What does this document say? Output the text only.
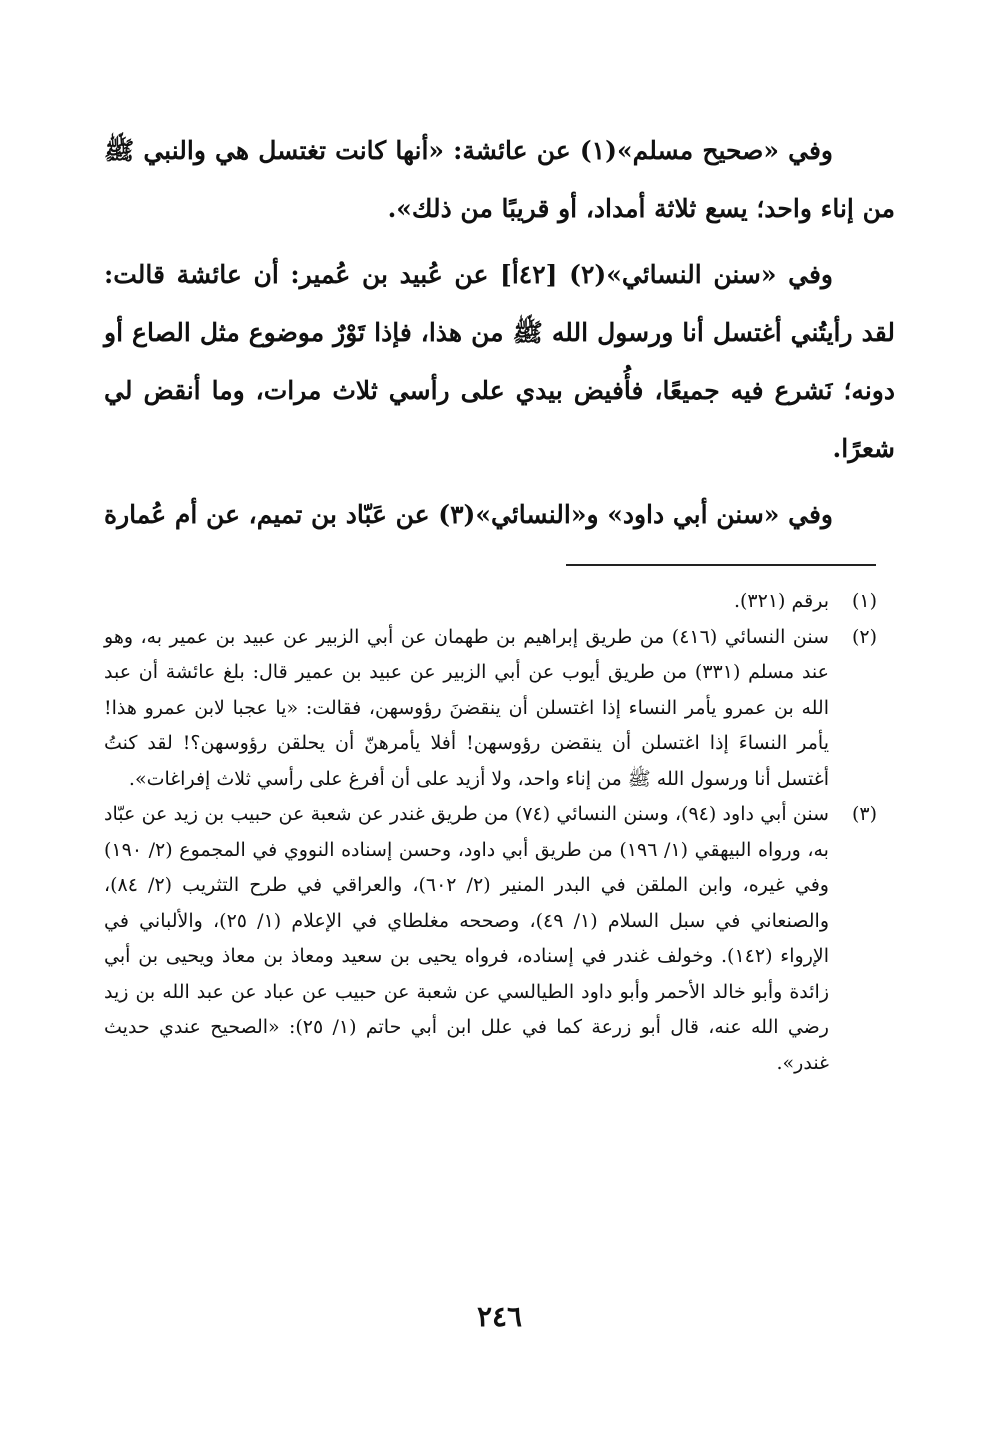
وفي «صحيح مسلم»(١) عن عائشة: «أنها كانت تغتسل هي والنبي ﷺ من إناء واحد؛ يسع ثلاثة أمداد، أو قريبًا من ذلك».

وفي «سنن النسائي»(٢) [٤٢أ] عن عُبيد بن عُمير: أن عائشة قالت: لقد رأيتُني أغتسل أنا ورسول الله ﷺ من هذا، فإذا تَوْرٌ موضوع مثل الصاع أو دونه؛ نَشرع فيه جميعًا، فأُفيض بيدي على رأسي ثلاث مرات، وما أنقض لي شعرًا.

وفي «سنن أبي داود» و«النسائي»(٣) عن عَبّاد بن تميم، عن أم عُمارة

(١)
برقم (٣٢١).
(٢)
سنن النسائي (٤١٦) من طريق إبراهيم بن طهمان عن أبي الزبير عن عبيد بن عمير به، وهو عند مسلم (٣٣١) من طريق أيوب عن أبي الزبير عن عبيد بن عمير قال: بلغ عائشة أن عبد الله بن عمرو يأمر النساء إذا اغتسلن أن ينقضنَ رؤوسهن، فقالت: «يا عجبا لابن عمرو هذا! يأمر النساءَ إذا اغتسلن أن ينقضن رؤوسهن! أفلا يأمرهنّ أن يحلقن رؤوسهن؟! لقد كنتُ أغتسل أنا ورسول الله ﷺ من إناء واحد، ولا أزيد على أن أفرغ على رأسي ثلاث إفراغات».
(٣)
سنن أبي داود (٩٤)، وسنن النسائي (٧٤) من طريق غندر عن شعبة عن حبيب بن زيد عن عبّاد به، ورواه البيهقي (١/ ١٩٦) من طريق أبي داود، وحسن إسناده النووي في المجموع (٢/ ١٩٠) وفي غيره، وابن الملقن في البدر المنير (٢/ ٦٠٢)، والعراقي في طرح التثريب (٢/ ٨٤)، والصنعاني في سبل السلام (١/ ٤٩)، وصححه مغلطاي في الإعلام (١/ ٢٥)، والألباني في الإرواء (١٤٢). وخولف غندر في إسناده، فرواه يحيى بن سعيد ومعاذ بن معاذ ويحيى بن أبي زائدة وأبو خالد الأحمر وأبو داود الطيالسي عن شعبة عن حبيب عن عباد عن عبد الله بن زيد رضي الله عنه، قال أبو زرعة كما في علل ابن أبي حاتم (١/ ٢٥): «الصحيح عندي حديث غندر».
٢٤٦
